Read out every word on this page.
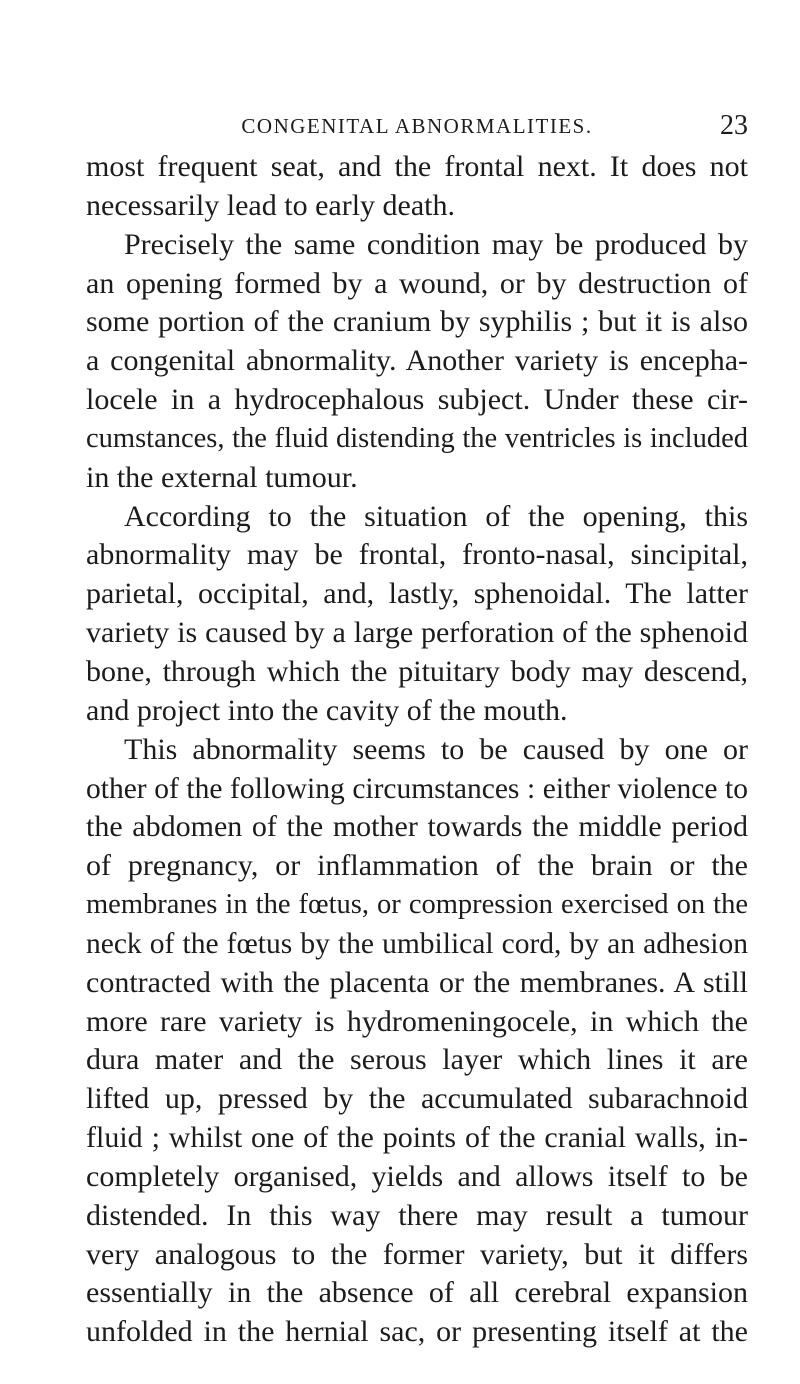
CONGENITAL ABNORMALITIES.	23
most frequent seat, and the frontal next. It does not
necessarily lead to early death.
Precisely the same condition may be produced by
an opening formed by a wound, or by destruction of
some portion of the cranium by syphilis ; but it is also
a congenital abnormality. Another variety is encepha-
locele in a hydrocephalous subject. Under these cir-
cumstances, the fluid distending the ventricles is included
in the external tumour.
According to the situation of the opening, this
abnormality may be frontal, fronto-nasal, sincipital,
parietal, occipital, and, lastly, sphenoidal. The latter
variety is caused by a large perforation of the sphenoid
bone, through which the pituitary body may descend,
and project into the cavity of the mouth.
This abnormality seems to be caused by one or
other of the following circumstances : either violence to
the abdomen of the mother towards the middle period
of pregnancy, or inflammation of the brain or the
membranes in the fœtus, or compression exercised on the
neck of the fœtus by the umbilical cord, by an adhesion
contracted with the placenta or the membranes. A still
more rare variety is hydromeningocele, in which the
dura mater and the serous layer which lines it are
lifted up, pressed by the accumulated subarachnoid
fluid ; whilst one of the points of the cranial walls, in-
completely organised, yields and allows itself to be
distended. In this way there may result a tumour
very analogous to the former variety, but it differs
essentially in the absence of all cerebral expansion
unfolded in the hernial sac, or presenting itself at the
